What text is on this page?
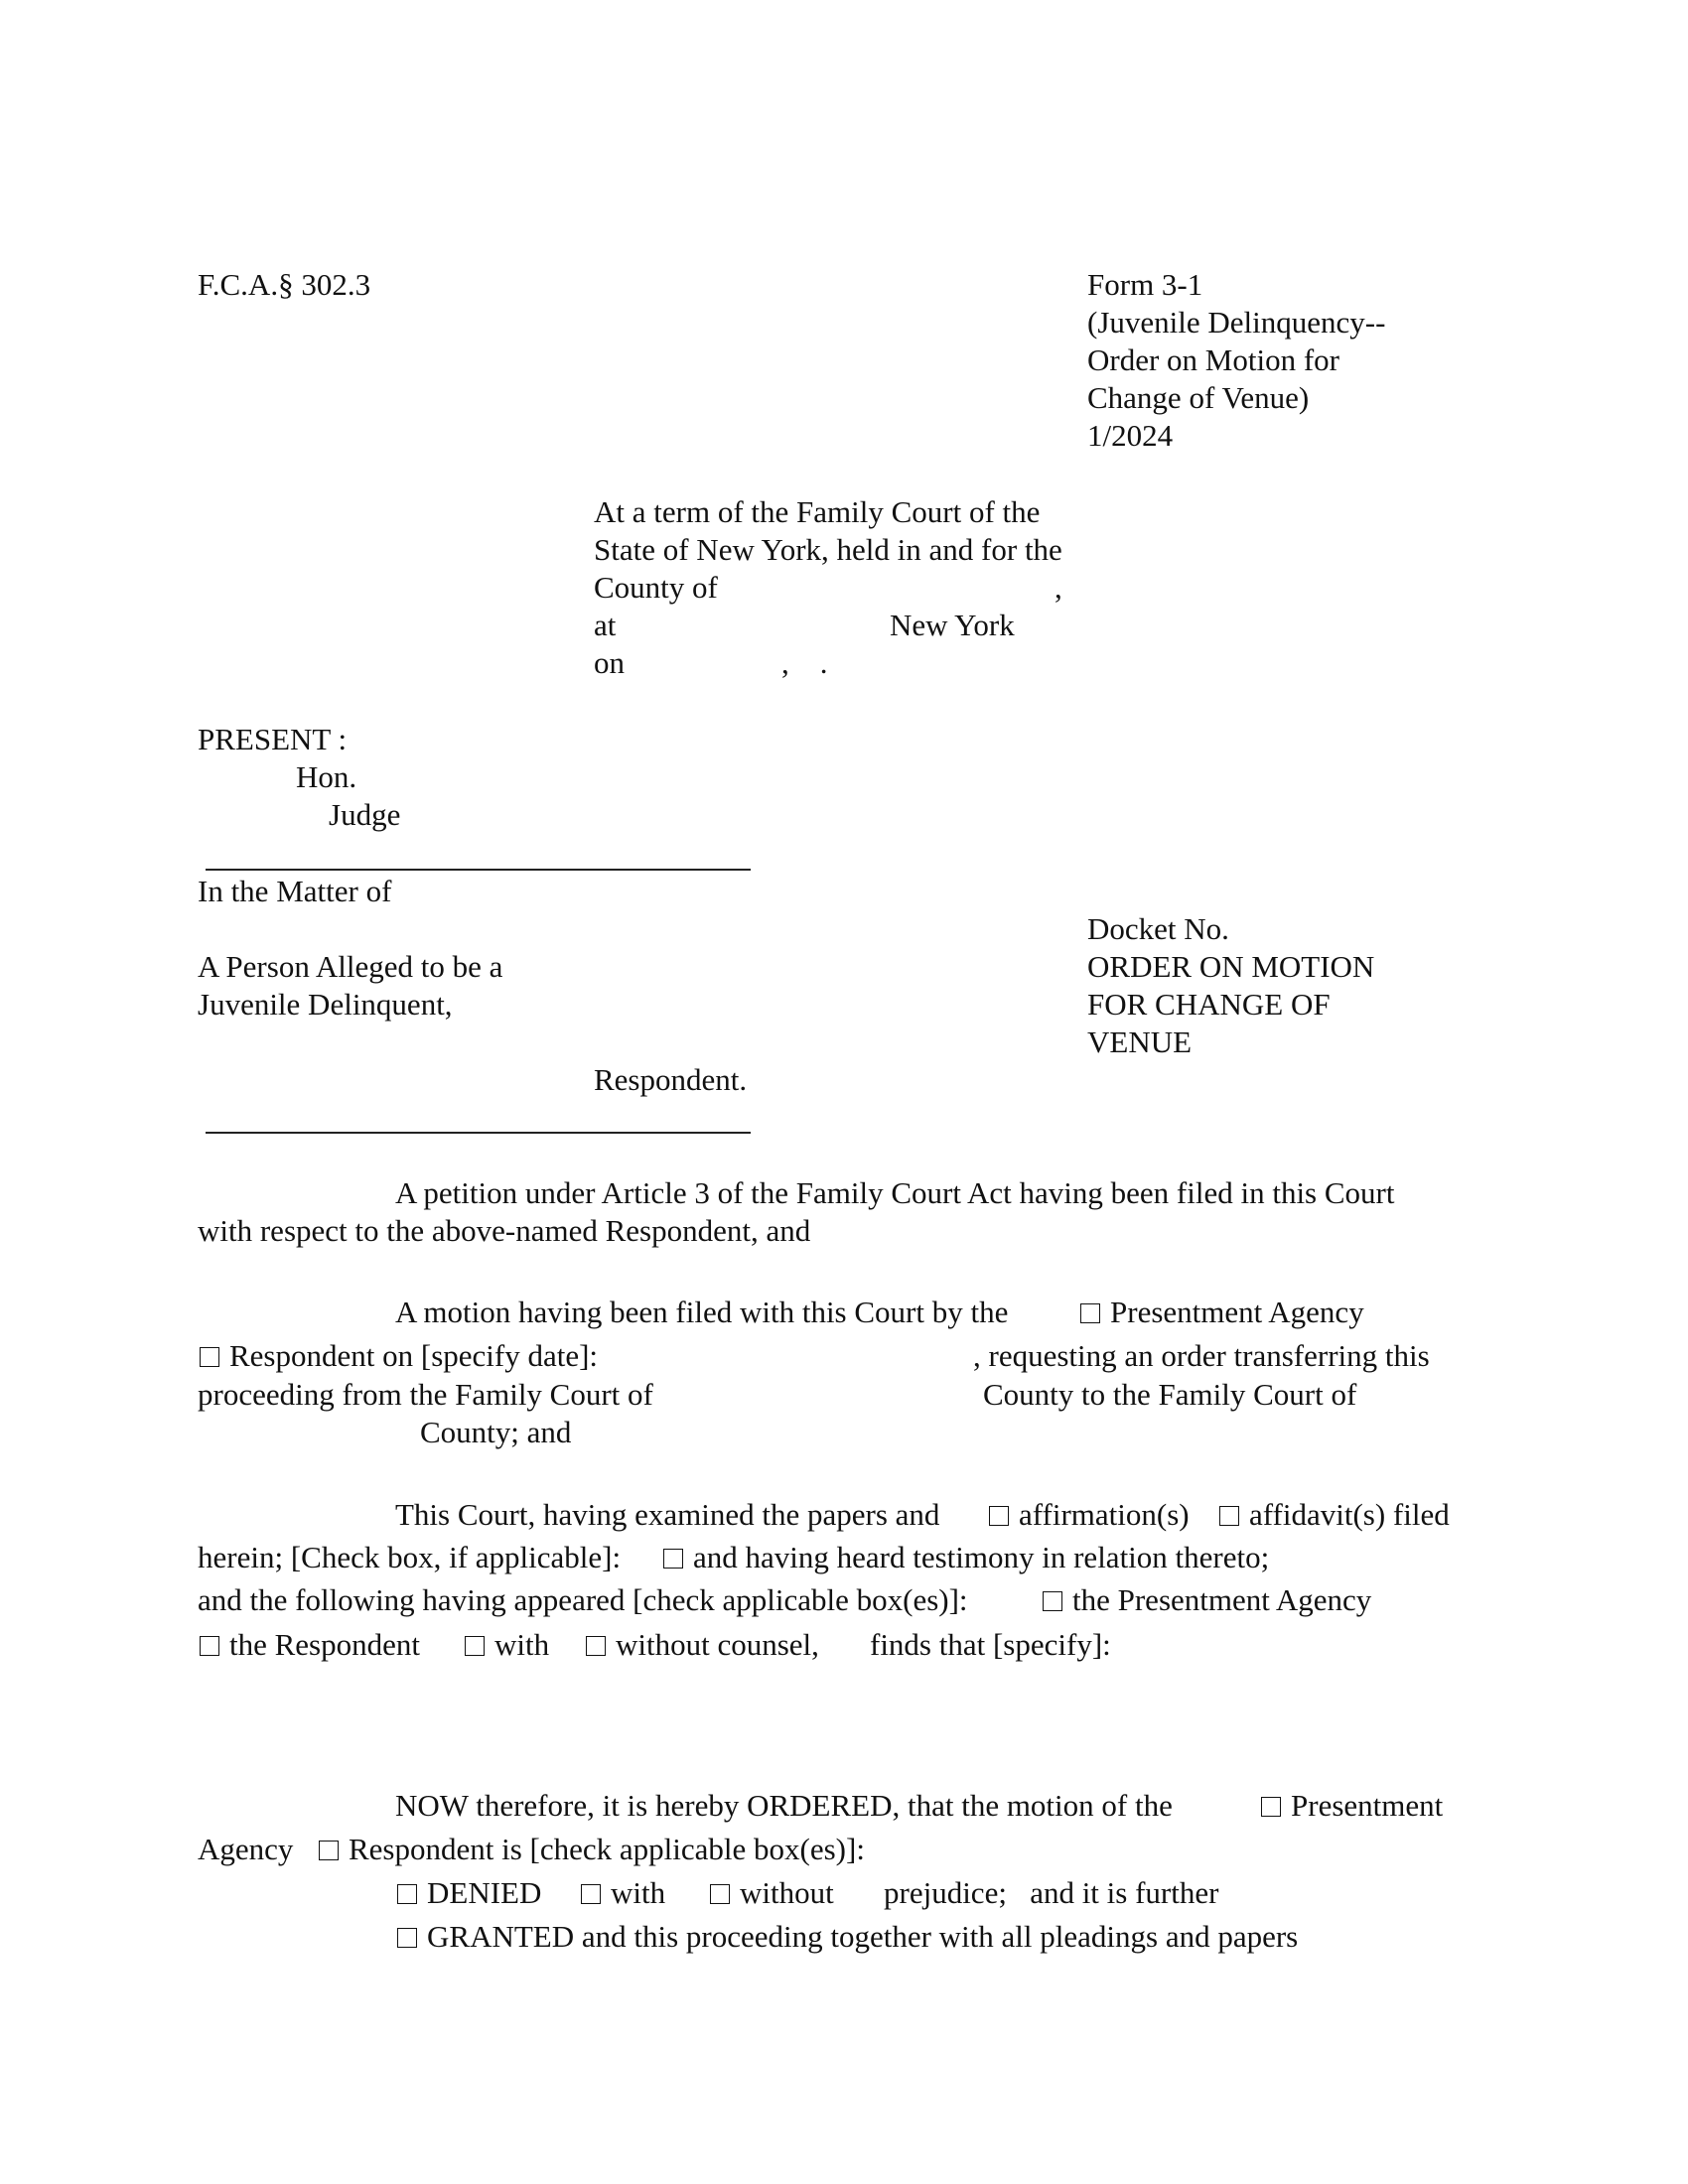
F.C.A.§ 302.3	Form 3-1
(Juvenile Delinquency--
Order on Motion for
Change of Venue)
1/2024
At a term of the Family Court of the
State of New York, held in and for the
County of	,
at	New York
on	,    .
PRESENT :
Hon.
Judge
In the Matter of
Docket No.
A Person Alleged to be a	ORDER ON MOTION
Juvenile Delinquent,	FOR CHANGE OF
VENUE
Respondent.
A petition under Article 3 of the Family Court Act having been filed in this Court
with respect to the above-named Respondent, and
A motion having been filed with this Court by the	Presentment Agency
Respondent on [specify date]:	, requesting an order transferring this
proceeding from the Family Court of	County to the Family Court of
County; and
This Court, having examined the papers and	affirmation(s)	affidavit(s) filed
herein; [Check box, if applicable]:	and having heard testimony in relation thereto;
and the following having appeared [check applicable box(es)]:	the Presentment Agency
the Respondent	with	without counsel, finds that [specify]:
NOW therefore, it is hereby ORDERED, that the motion of the	Presentment
Agency	Respondent is [check applicable box(es)]:
DENIED	with	without prejudice;   and it is further
GRANTED and this proceeding together with all pleadings and papers
